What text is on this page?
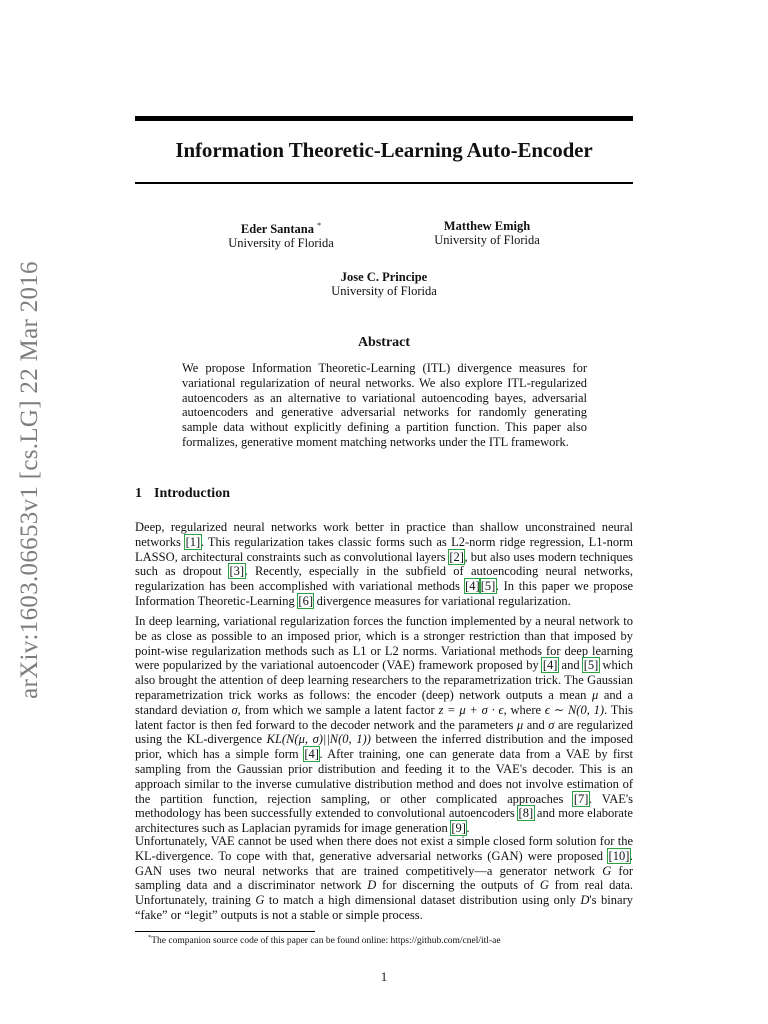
arXiv:1603.06653v1 [cs.LG] 22 Mar 2016
Information Theoretic-Learning Auto-Encoder
Eder Santana *
University of Florida
Matthew Emigh
University of Florida
Jose C. Principe
University of Florida
Abstract
We propose Information Theoretic-Learning (ITL) divergence measures for variational regularization of neural networks. We also explore ITL-regularized autoencoders as an alternative to variational autoencoding bayes, adversarial autoencoders and generative adversarial networks for randomly generating sample data without explicitly defining a partition function. This paper also formalizes, generative moment matching networks under the ITL framework.
1 Introduction

Deep, regularized neural networks work better in practice than shallow unconstrained neural networks [1]. This regularization takes classic forms such as L2-norm ridge regression, L1-norm LASSO, architectural constraints such as convolutional layers [2], but also uses modern techniques such as dropout [3]. Recently, especially in the subfield of autoencoding neural networks, regularization has been accomplished with variational methods [4][5]. In this paper we propose Information Theoretic-Learning [6] divergence measures for variational regularization.

In deep learning, variational regularization forces the function implemented by a neural network to be as close as possible to an imposed prior, which is a stronger restriction than that imposed by point-wise regularization methods such as L1 or L2 norms. Variational methods for deep learning were popularized by the variational autoencoder (VAE) framework proposed by [4] and [5] which also brought the attention of deep learning researchers to the reparametrization trick. The Gaussian reparametrization trick works as follows: the encoder (deep) network outputs a mean μ and a standard deviation σ, from which we sample a latent factor z = μ + σ · ϵ, where ϵ ∼ N(0, 1). This latent factor is then fed forward to the decoder network and the parameters μ and σ are regularized using the KL-divergence KL(N(μ, σ)||N(0, 1)) between the inferred distribution and the imposed prior, which has a simple form [4]. After training, one can generate data from a VAE by first sampling from the Gaussian prior distribution and feeding it to the VAE's decoder. This is an approach similar to the inverse cumulative distribution method and does not involve estimation of the partition function, rejection sampling, or other complicated approaches [7]. VAE's methodology has been successfully extended to convolutional autoencoders [8] and more elaborate architectures such as Laplacian pyramids for image generation [9].

Unfortunately, VAE cannot be used when there does not exist a simple closed form solution for the KL-divergence. To cope with that, generative adversarial networks (GAN) were proposed [10]. GAN uses two neural networks that are trained competitively—a generator network G for sampling data and a discriminator network D for discerning the outputs of G from real data. Unfortunately, training G to match a high dimensional dataset distribution using only D's binary “fake” or “legit” outputs is not a stable or simple process.

*The companion source code of this paper can be found online: https://github.com/cnel/itl-ae
1
